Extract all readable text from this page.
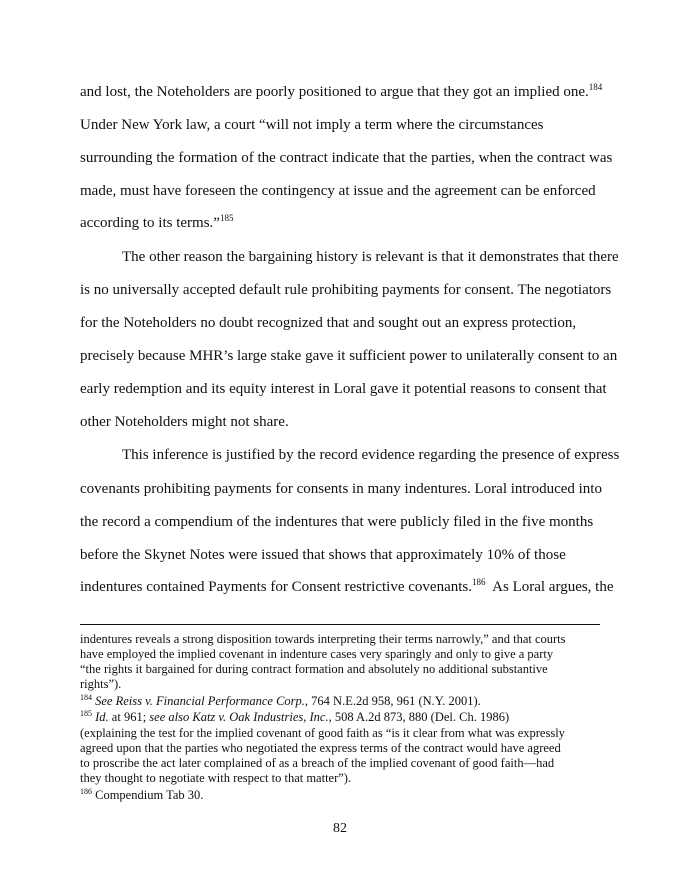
and lost, the Noteholders are poorly positioned to argue that they got an implied one.$^{184}$
Under New York law, a court “will not imply a term where the circumstances
surrounding the formation of the contract indicate that the parties, when the contract was
made, must have foreseen the contingency at issue and the agreement can be enforced
according to its terms.”$^{185}$
The other reason the bargaining history is relevant is that it demonstrates that there
is no universally accepted default rule prohibiting payments for consent. The negotiators
for the Noteholders no doubt recognized that and sought out an express protection,
precisely because MHR’s large stake gave it sufficient power to unilaterally consent to an
early redemption and its equity interest in Loral gave it potential reasons to consent that
other Noteholders might not share.
This inference is justified by the record evidence regarding the presence of express
covenants prohibiting payments for consents in many indentures. Loral introduced into
the record a compendium of the indentures that were publicly filed in the five months
before the Skynet Notes were issued that shows that approximately 10% of those
indentures contained Payments for Consent restrictive covenants.$^{186}$  As Loral argues, the
indentures reveals a strong disposition towards interpreting their terms narrowly,” and that courts
have employed the implied covenant in indenture cases very sparingly and only to give a party
“the rights it bargained for during contract formation and absolutely no additional substantive
rights”).
$^{184}$ See Reiss v. Financial Performance Corp., 764 N.E.2d 958, 961 (N.Y. 2001).
$^{185}$ Id. at 961; see also Katz v. Oak Industries, Inc., 508 A.2d 873, 880 (Del. Ch. 1986)
(explaining the test for the implied covenant of good faith as “is it clear from what was expressly
agreed upon that the parties who negotiated the express terms of the contract would have agreed
to proscribe the act later complained of as a breach of the implied covenant of good faith—had
they thought to negotiate with respect to that matter”).
$^{186}$ Compendium Tab 30.
82
